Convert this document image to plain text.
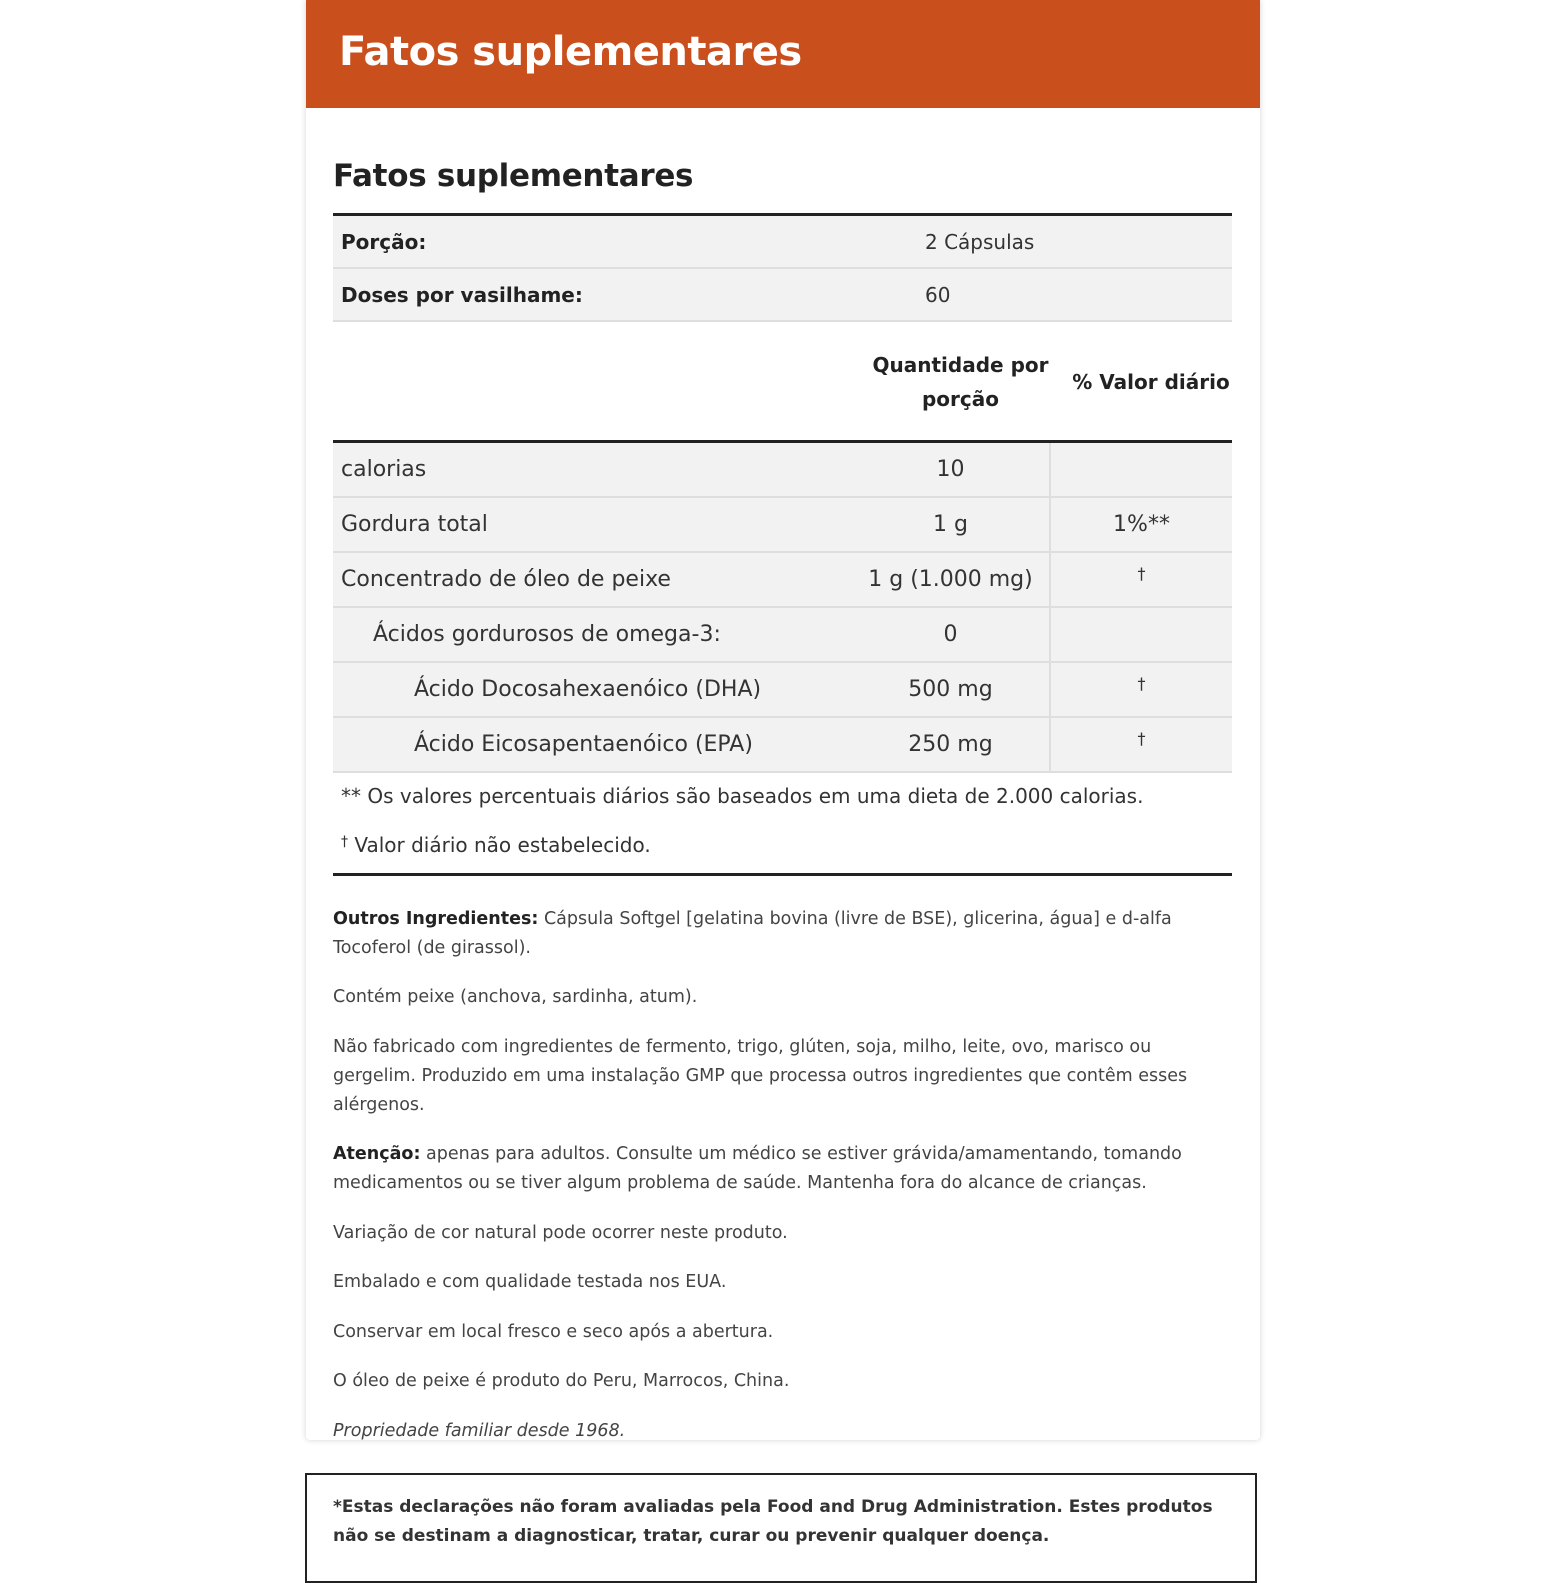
Fatos suplementares
Fatos suplementares
Porção:	2 Cápsulas
Doses por vasilhame:	60
Quantidade por porção
% Valor diário
calorias	10
Gordura total	1 g	1%**
Concentrado de óleo de peixe	1 g (1.000 mg)	†
Ácidos gordurosos de omega-3:	0
Ácido Docosahexaenóico (DHA)	500 mg	†
Ácido Eicosapentaenóico (EPA)	250 mg	†
** Os valores percentuais diários são baseados em uma dieta de 2.000 calorias.
† Valor diário não estabelecido.

Outros Ingredientes: Cápsula Softgel [gelatina bovina (livre de BSE), glicerina, água] e d-alfa Tocoferol (de girassol).

Contém peixe (anchova, sardinha, atum).

Não fabricado com ingredientes de fermento, trigo, glúten, soja, milho, leite, ovo, marisco ou gergelim. Produzido em uma instalação GMP que processa outros ingredientes que contêm esses alérgenos.

Atenção: apenas para adultos. Consulte um médico se estiver grávida/amamentando, tomando medicamentos ou se tiver algum problema de saúde. Mantenha fora do alcance de crianças.

Variação de cor natural pode ocorrer neste produto.

Embalado e com qualidade testada nos EUA.

Conservar em local fresco e seco após a abertura.

O óleo de peixe é produto do Peru, Marrocos, China.

Propriedade familiar desde 1968.

*Estas declarações não foram avaliadas pela Food and Drug Administration. Estes produtos não se destinam a diagnosticar, tratar, curar ou prevenir qualquer doença.
